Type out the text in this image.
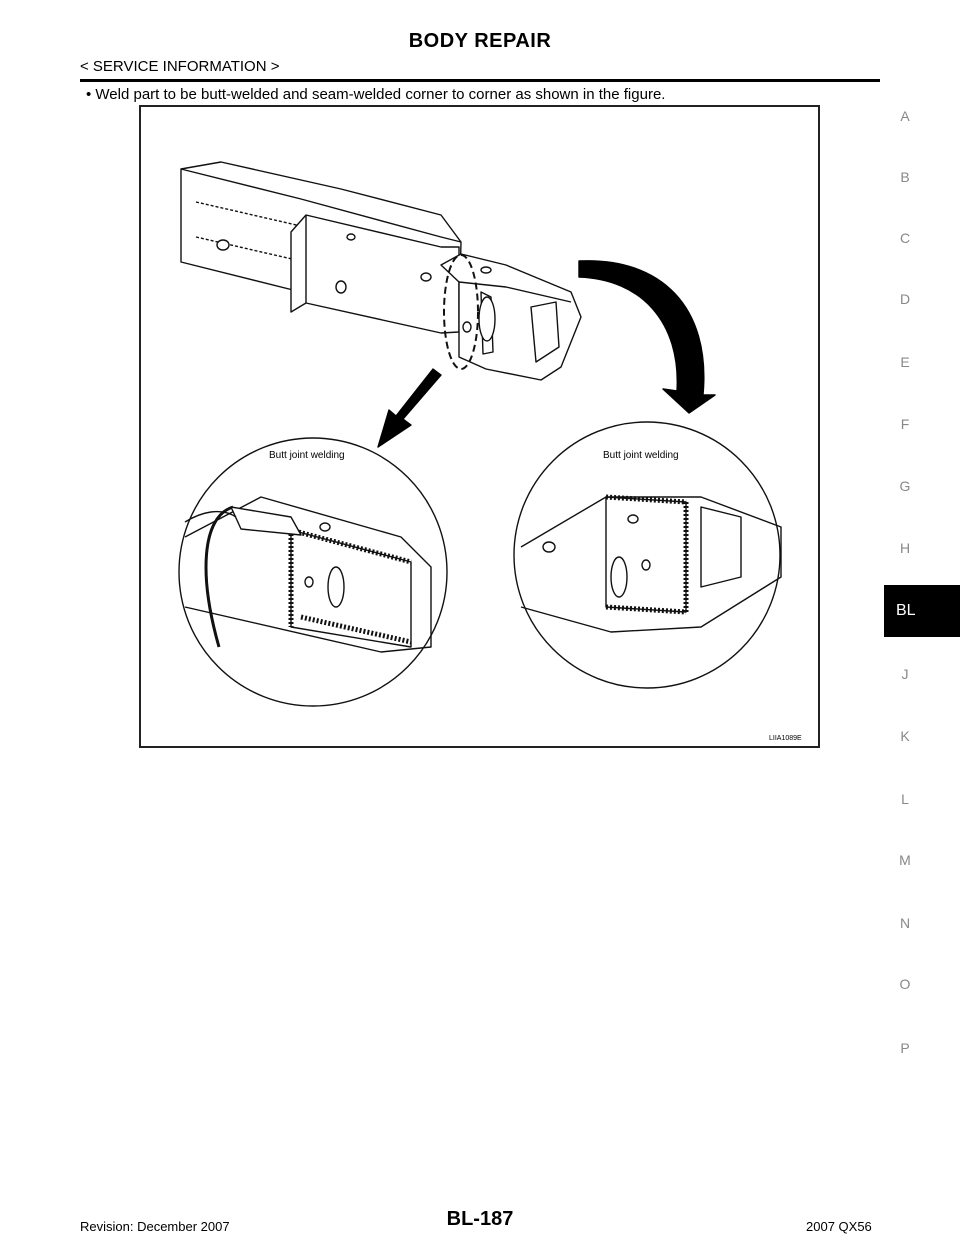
BODY REPAIR
< SERVICE INFORMATION >
• Weld part to be butt-welded and seam-welded corner to corner as shown in the figure.
Butt joint welding	Butt joint welding
LIIA1089E
A
B
C
D
E
F
G
H
BL
J
K
L
M
N
O
P
Revision: December 2007	BL-187	2007 QX56
